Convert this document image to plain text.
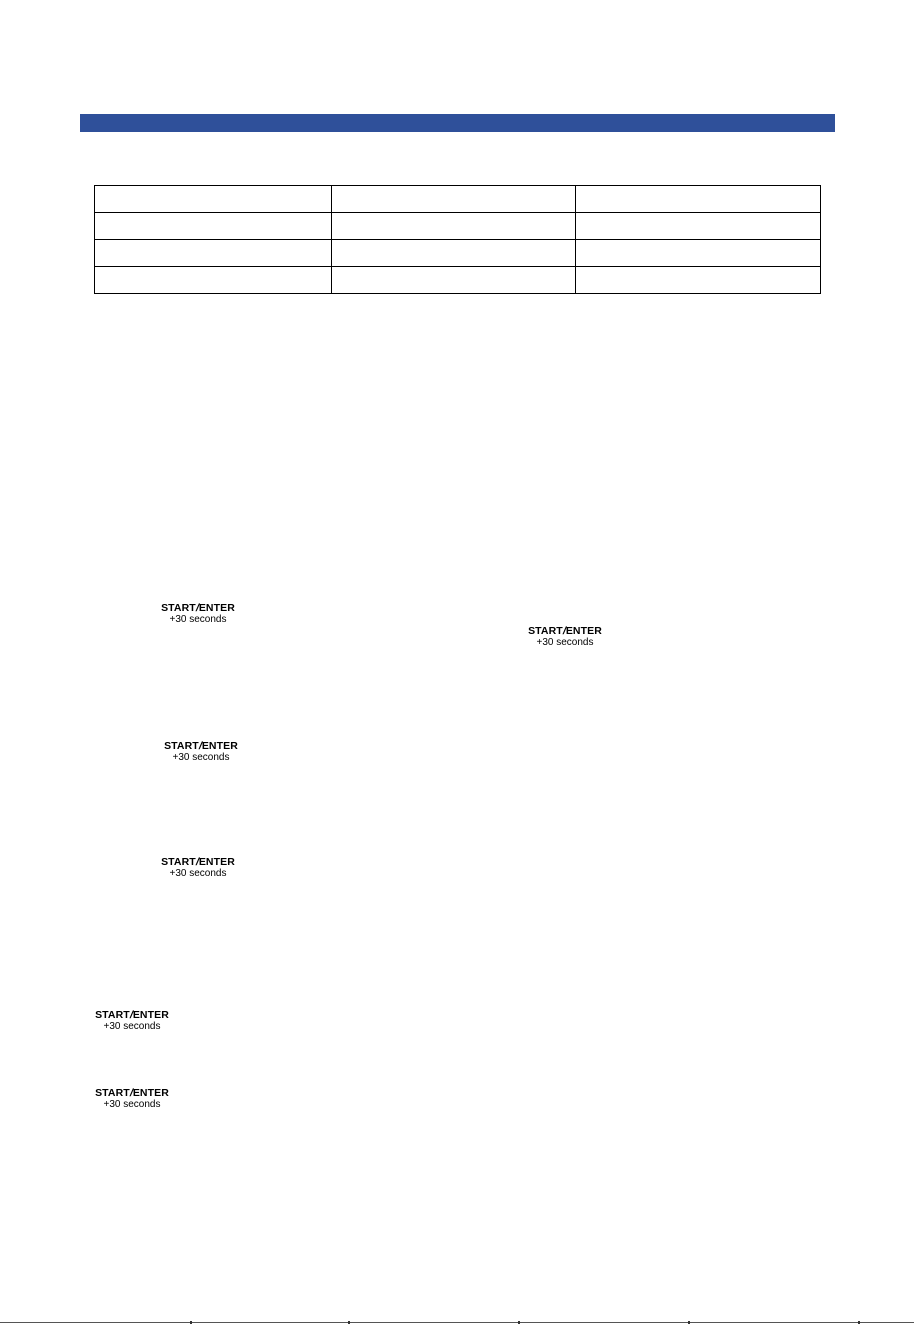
START/ENTER
+30 seconds
START/ENTER
+30 seconds
START/ENTER
+30 seconds
START/ENTER
+30 seconds
START/ENTER
+30 seconds
START/ENTER
+30 seconds
